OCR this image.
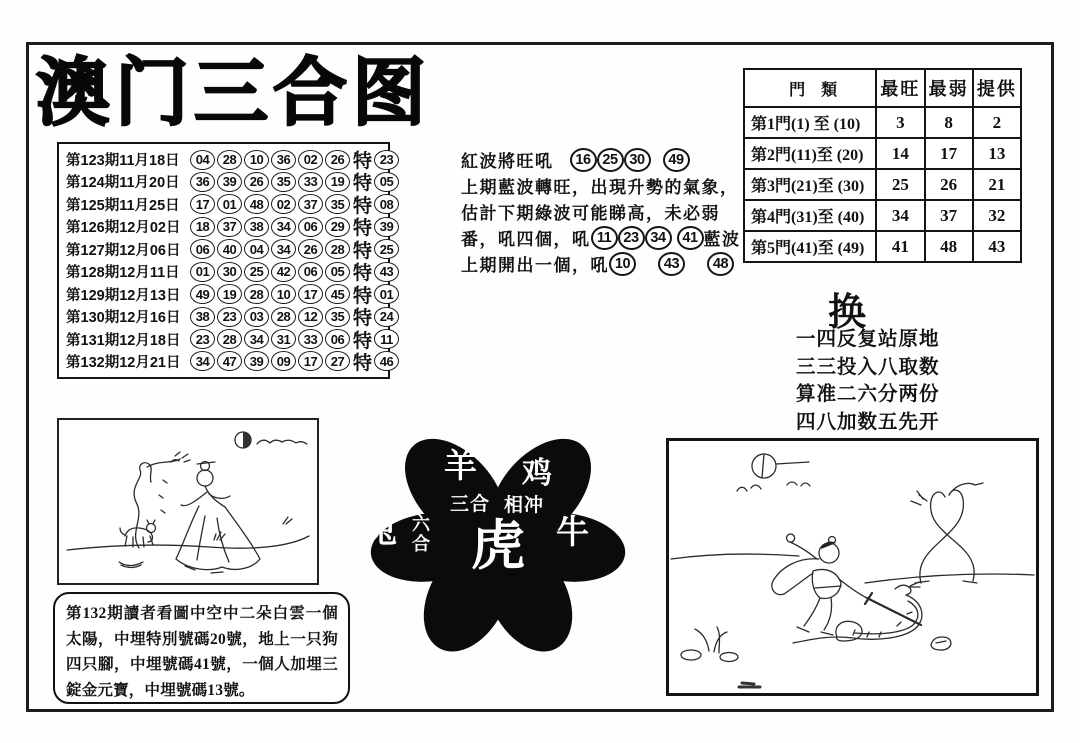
澳门三合图
第123期11月18日	04	28	10	36	02	26 特 23
第124期11月20日	36	39	26	35	33	19 特 05
第125期11月25日	17	01	48	02	37	35 特 08
第126期12月02日	18	37	38	34	06	29 特 39
第127期12月06日	06	40	04	34	26	28 特 25
第128期12月11日	01	30	25	42	06	05 特 43
第129期12月13日	49	19	28	10	17	45 特 01
第130期12月16日	38	23	03	28	12	35 特 24
第131期12月18日	23	28	34	31	33	06 特 11
第132期12月21日	34	47	39	09	17	27 特 46
紅波將旺吼	16 25 30	49
上期藍波轉旺，出現升勢的氣象，
估計下期綠波可能睇高，未必弱
番，吼四個，吼 11 23 34	41 藍波
上期開出一個，吼 10	43	48
門　類	最旺	最弱	提供
第1門(1) 至 (10)	3	8	2
第2門(11)至 (20)	14	17	13
第3門(21)至 (30)	25	26	21
第4門(31)至 (40)	34	37	32
第5門(41)至 (49)	41	48	43
换
一四反复站原地
三三投入八取数
算准二六分两份
四八加数五先开
羊 鸡
三合 相冲
兔 六
合 虎 牛
第132期讀者看圖中空中二朵白雲一個太陽，中埋特別號碼20號，地上一只狗四只腳，中埋號碼41號，一個人加埋三錠金元寶，中埋號碼13號。
